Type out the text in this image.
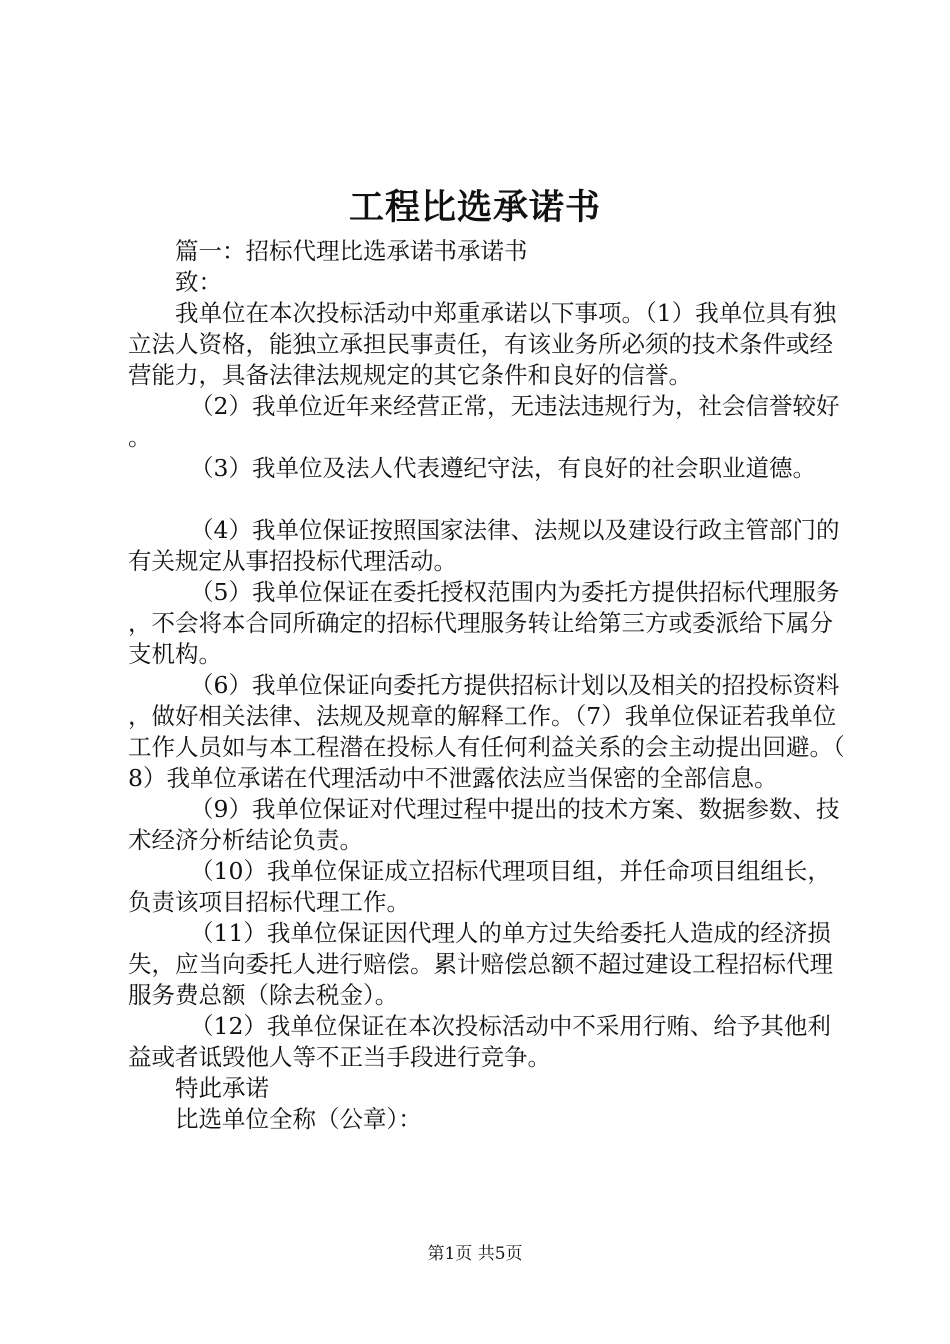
工程比选承诺书

篇一：招标代理比选承诺书承诺书

致：

我单位在本次投标活动中郑重承诺以下事项。（1）我单位具有独立法人资格，能独立承担民事责任，有该业务所必须的技术条件或经营能力，具备法律法规规定的其它条件和良好的信誉。

（2）我单位近年来经营正常，无违法违规行为，社会信誉较好。

（3）我单位及法人代表遵纪守法，有良好的社会职业道德。

（4）我单位保证按照国家法律、法规以及建设行政主管部门的有关规定从事招投标代理活动。

（5）我单位保证在委托授权范围内为委托方提供招标代理服务，不会将本合同所确定的招标代理服务转让给第三方或委派给下属分支机构。

（6）我单位保证向委托方提供招标计划以及相关的招投标资料，做好相关法律、法规及规章的解释工作。（7）我单位保证若我单位工作人员如与本工程潜在投标人有任何利益关系的会主动提出回避。（8）我单位承诺在代理活动中不泄露依法应当保密的全部信息。

（9）我单位保证对代理过程中提出的技术方案、数据参数、技术经济分析结论负责。

（10）我单位保证成立招标代理项目组，并任命项目组组长，负责该项目招标代理工作。

（11）我单位保证因代理人的单方过失给委托人造成的经济损失，应当向委托人进行赔偿。累计赔偿总额不超过建设工程招标代理服务费总额（除去税金）。

（12）我单位保证在本次投标活动中不采用行贿、给予其他利益或者诋毁他人等不正当手段进行竞争。

特此承诺

比选单位全称（公章）：

第1页 共5页
